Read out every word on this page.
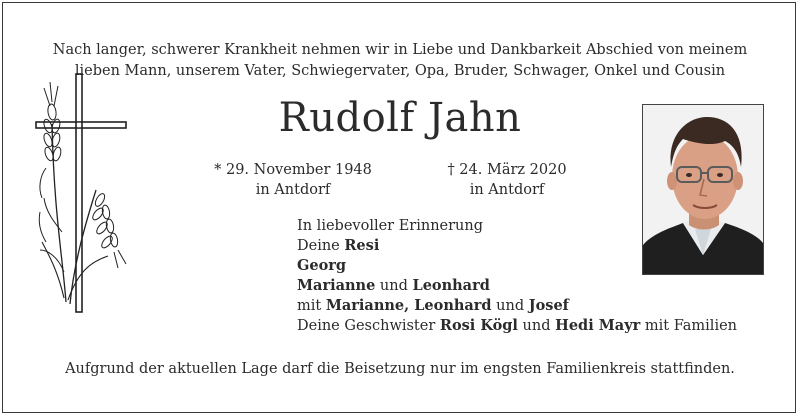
Nach langer, schwerer Krankheit nehmen wir in Liebe und Dankbarkeit Abschied von meinem
lieben Mann, unserem Vater, Schwiegervater, Opa, Bruder, Schwager, Onkel und Cousin
Rudolf Jahn
* 29. November 1948
in Antdorf
† 24. März 2020
in Antdorf
In liebevoller Erinnerung
Deine Resi
Georg
Marianne und Leonhard
mit Marianne, Leonhard und Josef
Deine Geschwister Rosi Kögl und Hedi Mayr mit Familien
Aufgrund der aktuellen Lage darf die Beisetzung nur im engsten Familienkreis stattfinden.
